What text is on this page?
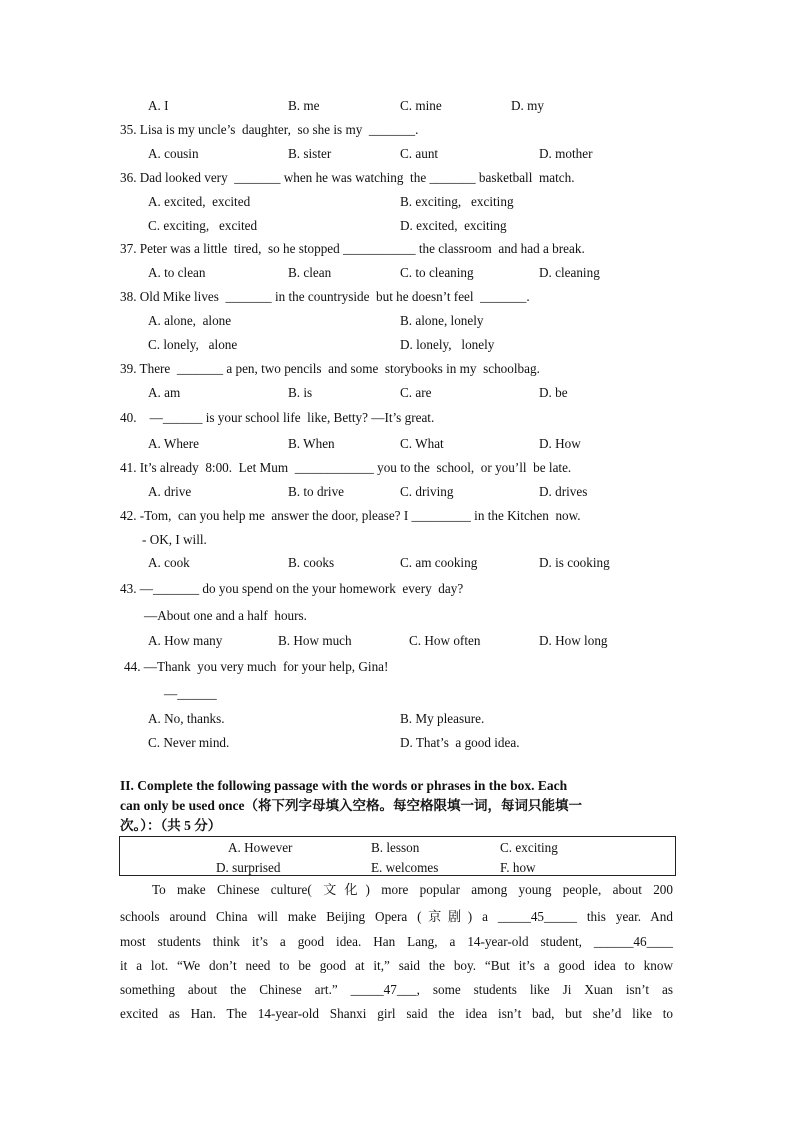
A. I	B. me	C. mine	D. my
35. Lisa is my uncle’s  daughter,  so she is my  _______.
A. cousin	B. sister	C. aunt	D. mother
36. Dad looked very  _______ when he was watching  the _______ basketball  match.
A. excited,  excited	B. exciting,   exciting
C. exciting,   excited	D. excited,  exciting
37. Peter was a little  tired,  so he stopped ___________ the classroom  and had a break.
A. to clean	B. clean	C. to cleaning	D. cleaning
38. Old Mike lives  _______ in the countryside  but he doesn’t feel  _______.
A. alone,  alone	B. alone, lonely
C. lonely,   alone	D. lonely,   lonely
39. There  _______ a pen, two pencils  and some  storybooks in my  schoolbag.
A. am	B. is	C. are	D. be
40.    —______ is your school life  like, Betty? —It’s great.
A. Where	B. When	C. What	D. How
41. It’s already  8:00.  Let Mum  ____________ you to the  school,  or you’ll  be late.
A. drive	B. to drive	C. driving	D. drives
42. -Tom,  can you help me  answer the door, please? I _________ in the Kitchen  now.
- OK, I will.
A. cook	B. cooks	C. am cooking	D. is cooking
43. —_______ do you spend on the your homework  every  day?
—About one and a half  hours.
A. How many	B. How much	C. How often	D. How long
44. —Thank  you very much  for your help, Gina!
—______
A. No, thanks.	B. My pleasure.
C. Never mind.	D. That’s  a good idea.
II. Complete the following passage with the words or phrases in the box. Each
can only be used once（将下列字母填入空格。每空格限填一词，每词只能填一
次。）：（共 5 分）
A. However	B. lesson	C. exciting
D. surprised	E. welcomes	F. how
To make Chinese culture( 文化) more popular among young people, about 200
schools around China will make Beijing Opera (京剧) a _____45_____ this year. And
most students think it’s a good idea. Han Lang, a 14-year-old student, ______46____
it a lot. “We don’t need to be good at it,” said the boy. “But it’s a good idea to know
something about the Chinese art.” _____47___, some students like Ji Xuan isn’t as
excited as Han. The 14-year-old Shanxi girl said the idea isn’t bad, but she’d like to
